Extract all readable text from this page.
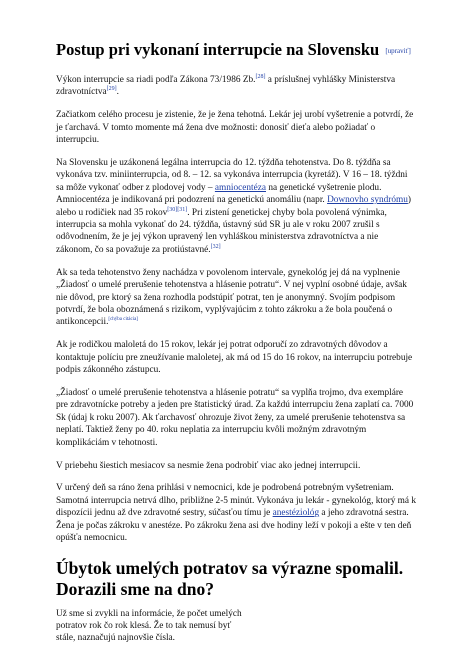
Postup pri vykonaní interrupcie na Slovensku [upraviť]

Výkon interrupcie sa riadi podľa Zákona 73/1986 Zb.[28] a príslušnej vyhlášky Ministerstva zdravotníctva[29].

Začiatkom celého procesu je zistenie, že je žena tehotná. Lekár jej urobí vyšetrenie a potvrdí, že je ťarchavá. V tomto momente má žena dve možnosti: donosiť dieťa alebo požiadať o interrupciu.

Na Slovensku je uzákonená legálna interrupcia do 12. týždňa tehotenstva. Do 8. týždňa sa vykonáva tzv. miniinterrupcia, od 8. – 12. sa vykonáva interrupcia (kyretáž). V 16 – 18. týždni sa môže vykonať odber z plodovej vody – amniocentéza na genetické vyšetrenie plodu. Amniocentéza je indikovaná pri podozrení na genetickú anomáliu (napr. Downovho syndrómu) alebo u rodičiek nad 35 rokov[30][31]. Pri zistení genetickej chyby bola povolená výnimka, interrupcia sa mohla vykonať do 24. týždňa, ústavný súd SR ju ale v roku 2007 zrušil s odôvodnením, že je jej výkon upravený len vyhláškou ministerstva zdravotníctva a nie zákonom, čo sa považuje za protiústavné.[32]

Ak sa teda tehotenstvo ženy nachádza v povolenom intervale, gynekológ jej dá na vyplnenie „Žiadosť o umelé prerušenie tehotenstva a hlásenie potratu“. V nej vyplní osobné údaje, avšak nie dôvod, pre ktorý sa žena rozhodla podstúpiť potrat, ten je anonymný. Svojím podpisom potvrdí, že bola oboznámená s rizikom, vyplývajúcim z tohto zákroku a že bola poučená o antikoncepcii.[chýba citácia]

Ak je rodičkou maloletá do 15 rokov, lekár jej potrat odporučí zo zdravotných dôvodov a kontaktuje políciu pre zneužívanie maloletej, ak má od 15 do 16 rokov, na interrupciu potrebuje podpis zákonného zástupcu.

„Žiadosť o umelé prerušenie tehotenstva a hlásenie potratu“ sa vyplňa trojmo, dva exempláre pre zdravotnícke potreby a jeden pre štatistický úrad. Za každú interrupciu žena zaplatí ca. 7000 Sk (údaj k roku 2007). Ak ťarchavosť ohrozuje život ženy, za umelé prerušenie tehotenstva sa neplatí. Taktiež ženy po 40. roku neplatia za interrupciu kvôli možným zdravotným komplikáciám v tehotnosti.

V priebehu šiestich mesiacov sa nesmie žena podrobiť viac ako jednej interrupcii.

V určený deň sa ráno žena prihlási v nemocnici, kde je podrobená potrebným vyšetreniam. Samotná interrupcia netrvá dlho, približne 2-5 minút. Vykonáva ju lekár - gynekológ, ktorý má k dispozícii jednu až dve zdravotné sestry, súčasťou tímu je anestéziológ a jeho zdravotná sestra. Žena je počas zákroku v anestéze. Po zákroku žena asi dve hodiny leží v pokoji a ešte v ten deň opúšťa nemocnicu.

Úbytok umelých potratov sa výrazne spomalil. Dorazili sme na dno?

Už sme si zvykli na informácie, že počet umelých potratov rok čo rok klesá. Že to tak nemusí byť stále, naznačujú najnovšie čísla.
